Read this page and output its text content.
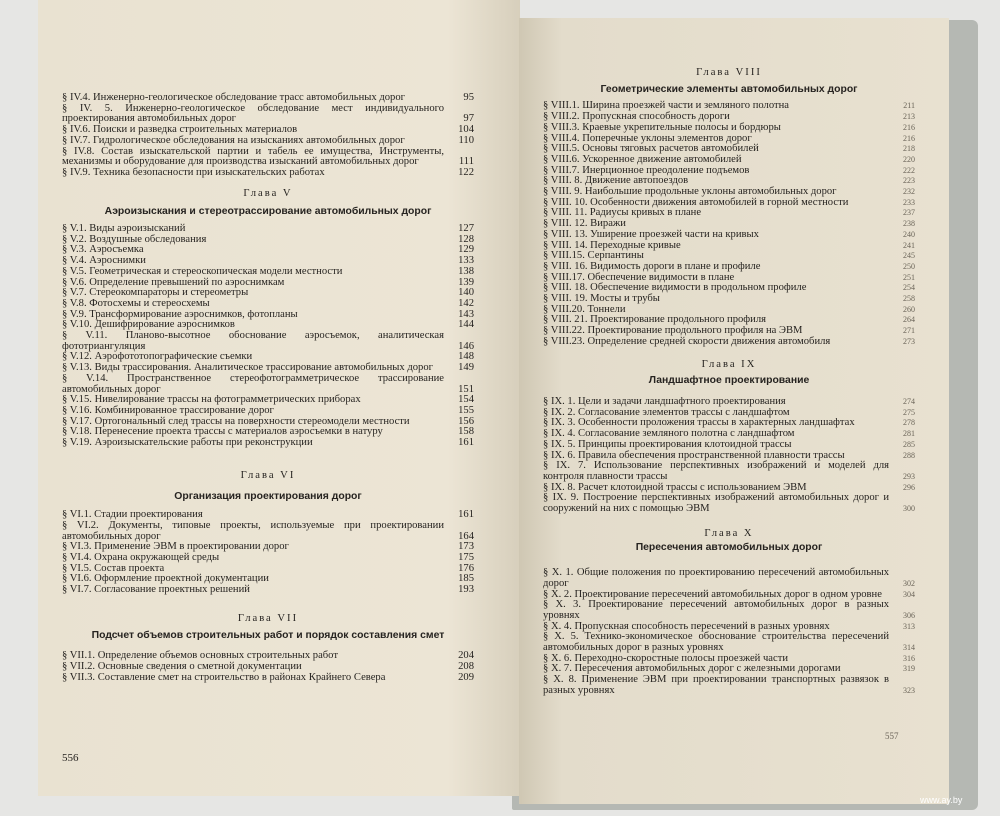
§ IV.4. Инженерно-геологическое обследование трасс автомобильных дорог	95
§ IV. 5. Инженерно-геологическое обследование мест индивидуального проектирования автомобильных дорог	97
§ IV.6. Поиски и разведка строительных материалов	104
§ IV.7. Гидрологическое обследования на изысканиях автомобильных дорог	110
§ IV.8. Состав изыскательской партии и табель ее имущества, Инструменты, механизмы и оборудование для производства изысканий автомобильных дорог	111
§ IV.9. Техника безопасности при изыскательских работах	122
Глава V
Аэроизыскания и стереотрассирование автомобильных дорог
§ V.1. Виды аэроизысканий	127
§ V.2. Воздушные обследования	128
§ V.3. Аэросъемка	129
§ V.4. Аэроснимки	133
§ V.5. Геометрическая и стереоскопическая модели местности	138
§ V.6. Определение превышений по аэроснимкам	139
§ V.7. Стереокомпараторы и стереометры	140
§ V.8. Фотосхемы и стереосхемы	142
§ V.9. Трансформирование аэроснимков, фотопланы	143
§ V.10. Дешифрирование аэроснимков	144
§ V.11. Планово-высотное обоснование аэросъемок, аналитическая фототриангуляция	146
§ V.12. Аэрофототопографические съемки	148
§ V.13. Виды трассирования. Аналитическое трассирование автомобильных дорог	149
§ V.14. Пространственное стереофотограмметрическое трассирование автомобильных дорог	151
§ V.15. Нивелирование трассы на фотограмметрических приборах	154
§ V.16. Комбинированное трассирование дорог	155
§ V.17. Ортогональный след трассы на поверхности стереомодели местности	156
§ V.18. Перенесение проекта трассы с материалов аэросъемки в натуру	158
§ V.19. Аэроизыскательские работы при реконструкции	161
Глава VI
Организация проектирования дорог
§ VI.1. Стадии проектирования	161
§ VI.2. Документы, типовые проекты, используемые при проектировании автомобильных дорог	164
§ VI.3. Применение ЭВМ в проектировании дорог	173
§ VI.4. Охрана окружающей среды	175
§ VI.5. Состав проекта	176
§ VI.6. Оформление проектной документации	185
§ VI.7. Согласование проектных решений	193
Глава VII
Подсчет объемов строительных работ и порядок составления смет
§ VII.1. Определение объемов основных строительных работ	204
§ VII.2. Основные сведения о сметной документации	208
§ VII.3. Составление смет на строительство в районах Крайнего Севера	209
556
Глава VIII
Геометрические элементы автомобильных дорог
§ VIII.1. Ширина проезжей части и земляного полотна	211
§ VIII.2. Пропускная способность дороги	213
§ VIII.3. Краевые укрепительные полосы и бордюры	216
§ VIII.4. Поперечные уклоны элементов дорог	216
§ VIII.5. Основы тяговых расчетов автомобилей	218
§ VIII.6. Ускоренное движение автомобилей	220
§ VIII.7. Инерционное преодоление подъемов	222
§ VIII. 8. Движение автопоездов	223
§ VIII. 9. Наибольшие продольные уклоны автомобильных дорог	232
§ VIII. 10. Особенности движения автомобилей в горной местности	233
§ VIII. 11. Радиусы кривых в плане	237
§ VIII. 12. Виражи	238
§ VIII. 13. Уширение проезжей части на кривых	240
§ VIII. 14. Переходные кривые	241
§ VIII.15. Серпантины	245
§ VIII. 16. Видимость дороги в плане и профиле	250
§ VIII.17. Обеспечение видимости в плане	251
§ VIII. 18. Обеспечение видимости в продольном профиле	254
§ VIII. 19. Мосты и трубы	258
§ VIII.20. Тоннели	260
§ VIII. 21. Проектирование продольного профиля	264
§ VIII.22. Проектирование продольного профиля на ЭВМ	271
§ VIII.23. Определение средней скорости движения автомобиля	273
Глава IX
Ландшафтное проектирование
§ IX. 1. Цели и задачи ландшафтного проектирования	274
§ IX. 2. Согласование элементов трассы с ландшафтом	275
§ IX. 3. Особенности проложения трассы в характерных ландшафтах	278
§ IX. 4. Согласование земляного полотна с ландшафтом	281
§ IX. 5. Принципы проектирования клотоидной трассы	285
§ IX. 6. Правила обеспечения пространственной плавности трассы	288
§ IX. 7. Использование перспективных изображений и моделей для контроля плавности трассы	293
§ IX. 8. Расчет клотоидной трассы с использованием ЭВМ	296
§ IX. 9. Построение перспективных изображений автомобильных дорог и сооружений на них с помощью ЭВМ	300
Глава X
Пересечения автомобильных дорог
§ X. 1. Общие положения по проектированию пересечений автомобильных дорог	302
§ X. 2. Проектирование пересечений автомобильных дорог в одном уровне	304
§ X. 3. Проектирование пересечений автомобильных дорог в разных уровнях	306
§ X. 4. Пропускная способность пересечений в разных уровнях	313
§ X. 5. Технико-экономическое обоснование строительства пересечений автомобильных дорог в разных уровнях	314
§ X. 6. Переходно-скоростные полосы проезжей части	316
§ X. 7. Пересечения автомобильных дорог с железными дорогами	319
§ X. 8. Применение ЭВМ при проектировании транспортных развязок в разных уровнях	323
557
www.ay.by
